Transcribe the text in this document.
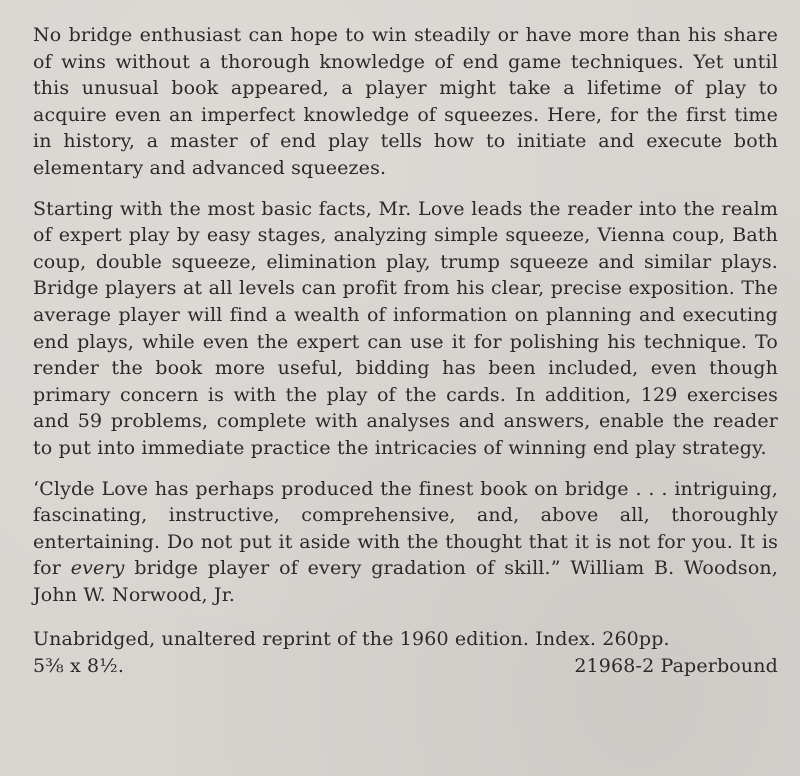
No bridge enthusiast can hope to win steadily or have more than his share of wins without a thorough knowledge of end game techniques. Yet until this unusual book appeared, a player might take a lifetime of play to acquire even an imperfect knowledge of squeezes. Here, for the first time in history, a master of end play tells how to initiate and execute both elementary and advanced squeezes.

Starting with the most basic facts, Mr. Love leads the reader into the realm of expert play by easy stages, analyzing simple squeeze, Vienna coup, Bath coup, double squeeze, elimination play, trump squeeze and similar plays. Bridge players at all levels can profit from his clear, precise exposition. The average player will find a wealth of information on planning and executing end plays, while even the expert can use it for polishing his technique. To render the book more useful, bidding has been included, even though primary concern is with the play of the cards. In addition, 129 exercises and 59 problems, complete with analyses and answers, enable the reader to put into immediate practice the intricacies of winning end play strategy.

‘Clyde Love has perhaps produced the finest book on bridge . . . intriguing, fascinating, instructive, comprehensive, and, above all, thoroughly entertaining. Do not put it aside with the thought that it is not for you. It is for every bridge player of every gradation of skill.” William B. Woodson, John W. Norwood, Jr.

Unabridged, unaltered reprint of the 1960 edition. Index. 260pp.
5⅜ x 8½.	21968-2 Paperbound
